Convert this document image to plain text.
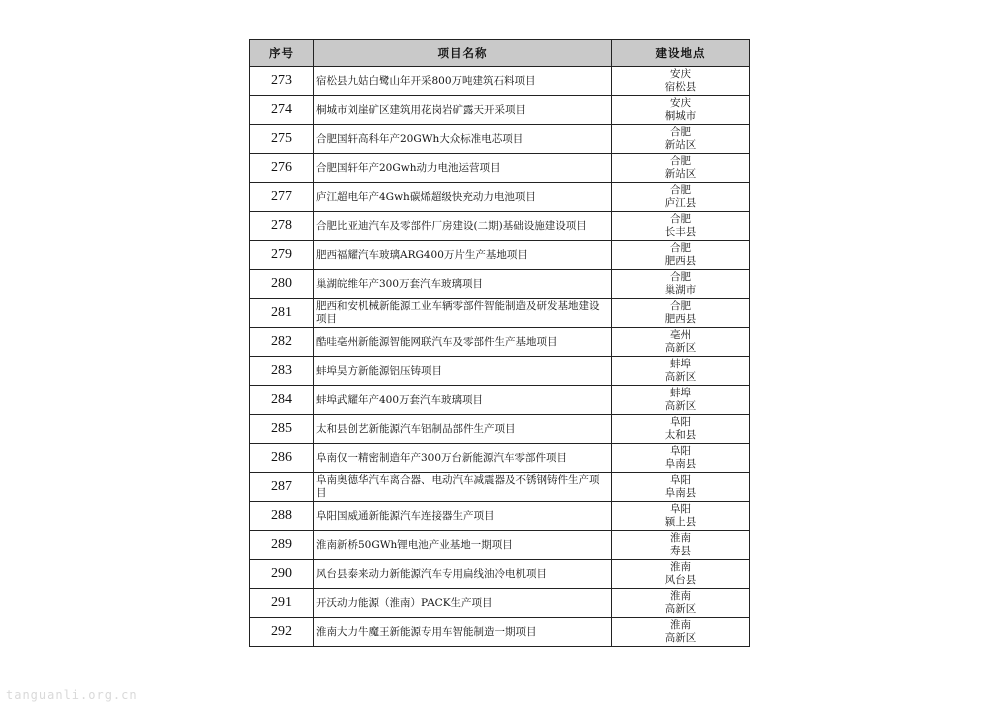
序号	项目名称	建设地点
273	宿松县九姑白鹭山年开采800万吨建筑石料项目	安庆
宿松县

274	桐城市刘崖矿区建筑用花岗岩矿露天开采项目	安庆
桐城市

275	合肥国轩高科年产20GWh大众标准电芯项目	合肥
新站区

276	合肥国轩年产20Gwh动力电池运营项目	合肥
新站区

277	庐江超电年产4Gwh碳烯超级快充动力电池项目	合肥
庐江县

278	合肥比亚迪汽车及零部件厂房建设(二期)基础设施建设项目	合肥
长丰县

279	肥西福耀汽车玻璃ARG400万片生产基地项目	合肥
肥西县

280	巢湖皖维年产300万套汽车玻璃项目	合肥
巢湖市

281	肥西和安机械新能源工业车辆零部件智能制造及研发基地建设项目	合肥
肥西县

282	酷哇亳州新能源智能网联汽车及零部件生产基地项目	亳州
高新区

283	蚌埠昊方新能源铝压铸项目	蚌埠
高新区

284	蚌埠武耀年产400万套汽车玻璃项目	蚌埠
高新区

285	太和县创艺新能源汽车铝制品部件生产项目	阜阳
太和县

286	阜南仅一精密制造年产300万台新能源汽车零部件项目	阜阳
阜南县

287	阜南奥德华汽车离合器、电动汽车减震器及不锈钢铸件生产项目	阜阳
阜南县

288	阜阳国威通新能源汽车连接器生产项目	阜阳
颍上县

289	淮南新桥50GWh锂电池产业基地一期项目	淮南
寿县

290	风台县泰来动力新能源汽车专用扁线油冷电机项目	淮南
风台县

291	开沃动力能源（淮南）PACK生产项目	淮南
高新区

292	淮南大力牛魔王新能源专用车智能制造一期项目	淮南
高新区
tanguanli.org.cn
